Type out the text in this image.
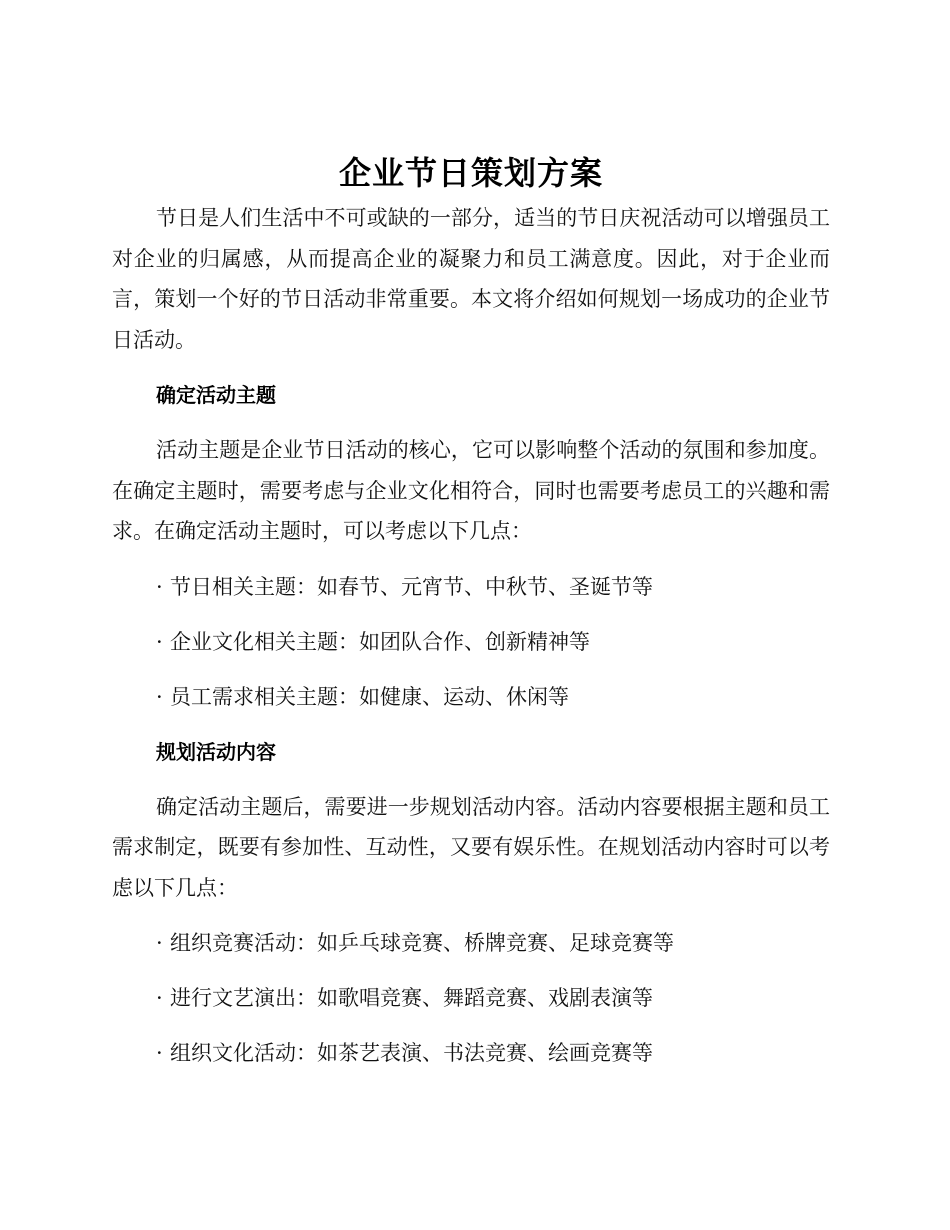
企业节日策划方案

节日是人们生活中不可或缺的一部分，适当的节日庆祝活动可以增强员工对企业的归属感，从而提高企业的凝聚力和员工满意度。因此，对于企业而言，策划一个好的节日活动非常重要。本文将介绍如何规划一场成功的企业节日活动。

确定活动主题

活动主题是企业节日活动的核心，它可以影响整个活动的氛围和参加度。在确定主题时，需要考虑与企业文化相符合，同时也需要考虑员工的兴趣和需求。在确定活动主题时，可以考虑以下几点：

· 节日相关主题：如春节、元宵节、中秋节、圣诞节等
· 企业文化相关主题：如团队合作、创新精神等
· 员工需求相关主题：如健康、运动、休闲等
规划活动内容

确定活动主题后，需要进一步规划活动内容。活动内容要根据主题和员工需求制定，既要有参加性、互动性，又要有娱乐性。在规划活动内容时可以考虑以下几点：

· 组织竞赛活动：如乒乓球竞赛、桥牌竞赛、足球竞赛等
· 进行文艺演出：如歌唱竞赛、舞蹈竞赛、戏剧表演等
· 组织文化活动：如茶艺表演、书法竞赛、绘画竞赛等
